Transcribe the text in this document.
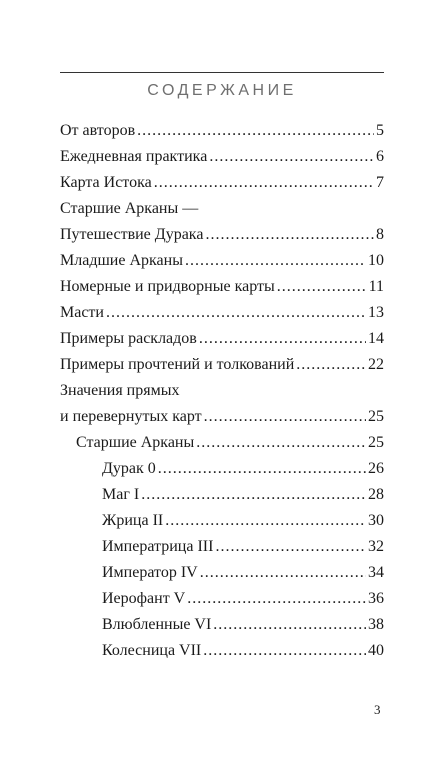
СОДЕРЖАНИЕ
От авторов .....	5
Ежедневная практика .....	6
Карта Истока .....	7
Старшие Арканы —
Путешествие Дурака .....	8
Младшие Арканы .....	10
Номерные и придворные карты .....	11
Масти .....	13
Примеры раскладов .....	14
Примеры прочтений и толкований .....	22
Значения прямых
и перевернутых карт .....	25
Старшие Арканы .....	25
Дурак 0 .....	26
Маг I .....	28
Жрица II .....	30
Императрица III .....	32
Император IV .....	34
Иерофант V .....	36
Влюбленные VI .....	38
Колесница VII .....	40
3
